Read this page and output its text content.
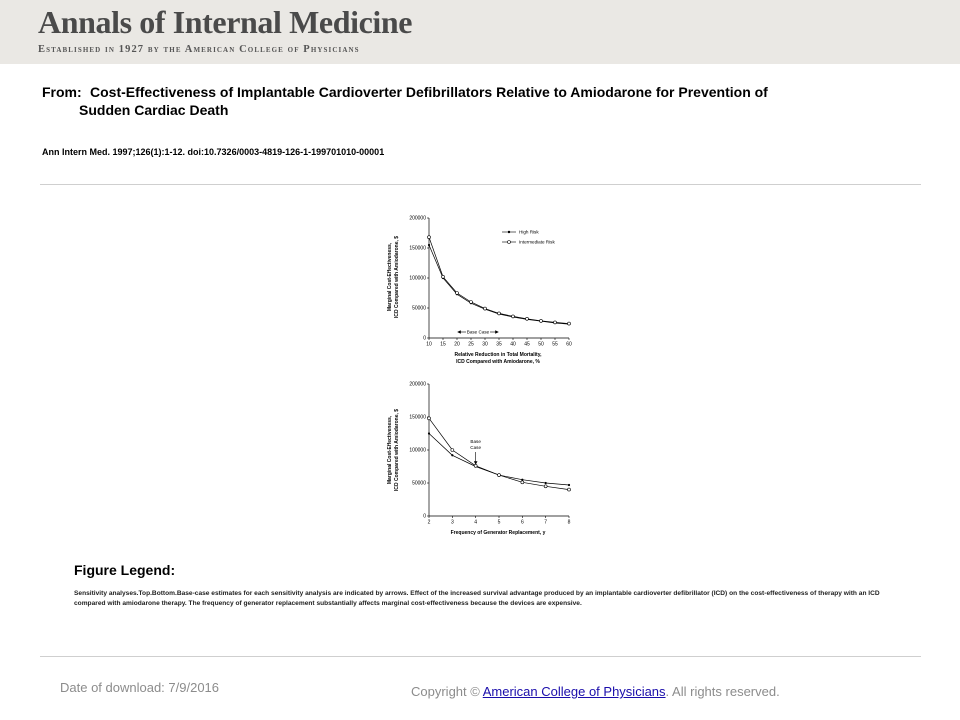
Annals of Internal Medicine
Established in 1927 by the American College of Physicians
From: Cost-Effectiveness of Implantable Cardioverter Defibrillators Relative to Amiodarone for Prevention of
Sudden Cardiac Death
Ann Intern Med. 1997;126(1):1-12. doi:10.7326/0003-4819-126-1-199701010-00001
0
50000
100000
150000
200000
10 15 20 25 30 35 40 45 50 55 60
Marginal Cost-Effectiveness, ICD Compared with Amiodarone, $
Relative Reduction in Total Mortality,
ICD Compared with Amiodarone, %
Base Case
High Risk
Intermediate Risk
0
50000
100000
150000
200000
2	3	4	5	6	7	8
Marginal Cost-Effectiveness, ICD Compared with Amiodarone, $
Frequency of Generator Replacement, y
Base
Case
Figure Legend:
Sensitivity analyses.Top.Bottom.Base-case estimates for each sensitivity analysis are indicated by arrows. Effect of the increased survival advantage produced by an implantable cardioverter defibrillator (ICD) on the cost-effectiveness of therapy with an ICD compared with amiodarone therapy. The frequency of generator replacement substantially affects marginal cost-effectiveness because the devices are expensive.
Date of download: 7/9/2016	Copyright © American College of Physicians. All rights reserved.
